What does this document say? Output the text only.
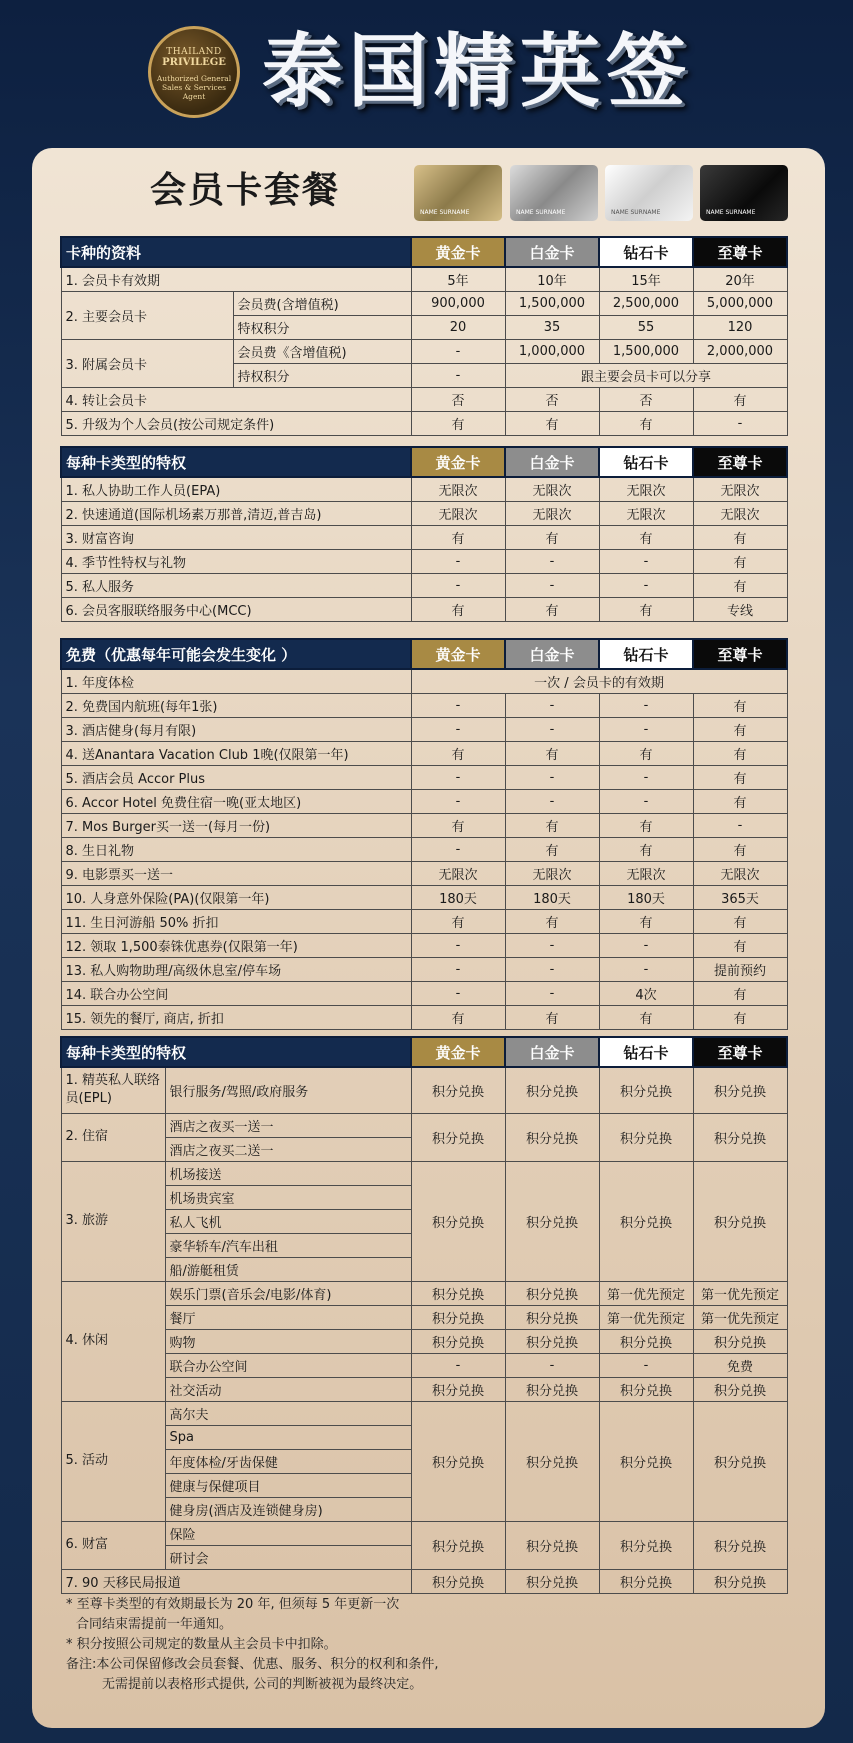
THAILAND
PRIVILEGE
Authorized General Sales & Services Agent 泰国精英签
会员卡套餐
NAME SURNAME	NAME SURNAME	NAME SURNAME	NAME SURNAME
卡种的资料		黄金卡	白金卡	钻石卡	至尊卡
1. 会员卡有效期		5年	10年	15年	20年
2. 主要会员卡	会员费(含增值税)	900,000	1,500,000	2,500,000	5,000,000
	特权积分	20	35	55	120
3. 附属会员卡	会员费《含增值税)	-	1,000,000	1,500,000	2,000,000
	持权积分	-	跟主要会员卡可以分享		
4. 转让会员卡		否	否	否	有
5. 升级为个人会员(按公司规定条件)		有	有	有	-
每种卡类型的特权	黄金卡	白金卡	钻石卡	至尊卡
1. 私人协助工作人员(EPA)	无限次	无限次	无限次	无限次
2. 快速通道(国际机场素万那普,清迈,普吉岛)	无限次	无限次	无限次	无限次
3. 财富咨询	有	有	有	有
4. 季节性特权与礼物	-	-	-	有
5. 私人服务	-	-	-	有
6. 会员客服联络服务中心(MCC)	有	有	有	专线
免费（优惠每年可能会发生变化 ）	黄金卡	白金卡	钻石卡	至尊卡
1. 年度体检	一次 / 会员卡的有效期			
2. 免费国内航班(每年1张)	-	-	-	有
3. 酒店健身(每月有限)	-	-	-	有
4. 送Anantara Vacation Club 1晚(仅限第一年)	有	有	有	有
5. 酒店会员 Accor Plus	-	-	-	有
6. Accor Hotel 免费住宿一晚(亚太地区)	-	-	-	有
7. Mos Burger买一送一(每月一份)	有	有	有	-
8. 生日礼物	-	有	有	有
9. 电影票买一送一	无限次	无限次	无限次	无限次
10. 人身意外保险(PA)(仅限第一年)	180天	180天	180天	365天
11. 生日河游船 50% 折扣	有	有	有	有
12. 领取 1,500泰铢优惠券(仅限第一年)	-	-	-	有
13. 私人购物助理/高级休息室/停车场	-	-	-	提前预约
14. 联合办公空间	-	-	4次	有
15. 领先的餐厅, 商店, 折扣	有	有	有	有
每种卡类型的特权		黄金卡	白金卡	钻石卡	至尊卡
1. 精英私人联络员(EPL)	银行服务/驾照/政府服务	积分兑换	积分兑换	积分兑换	积分兑换
2. 住宿	酒店之夜买一送一	积分兑换	积分兑换	积分兑换	积分兑换
	酒店之夜买二送一				
3. 旅游	机场接送	积分兑换	积分兑换	积分兑换	积分兑换
	机场贵宾室				
	私人飞机				
	豪华轿车/汽车出租				
	船/游艇租赁				
4. 休闲	娱乐门票(音乐会/电影/体育)	积分兑换	积分兑换	第一优先预定	第一优先预定
	餐厅	积分兑换	积分兑换	第一优先预定	第一优先预定
	购物	积分兑换	积分兑换	积分兑换	积分兑换
	联合办公空间	-	-	-	免费
	社交活动	积分兑换	积分兑换	积分兑换	积分兑换
5. 活动	高尔夫	积分兑换	积分兑换	积分兑换	积分兑换
	Spa				
	年度体检/牙齿保健				
	健康与保健项目				
	健身房(酒店及连锁健身房)				
6. 财富	保险	积分兑换	积分兑换	积分兑换	积分兑换
	研讨会				
7. 90 天移民局报道		积分兑换	积分兑换	积分兑换	积分兑换
* 至尊卡类型的有效期最长为 20 年, 但须每 5 年更新一次
合同结束需提前一年通知。
* 积分按照公司规定的数量从主会员卡中扣除。
备注:本公司保留修改会员套餐、优惠、服务、积分的权利和条件,
无需提前以表格形式提供, 公司的判断被视为最终决定。
